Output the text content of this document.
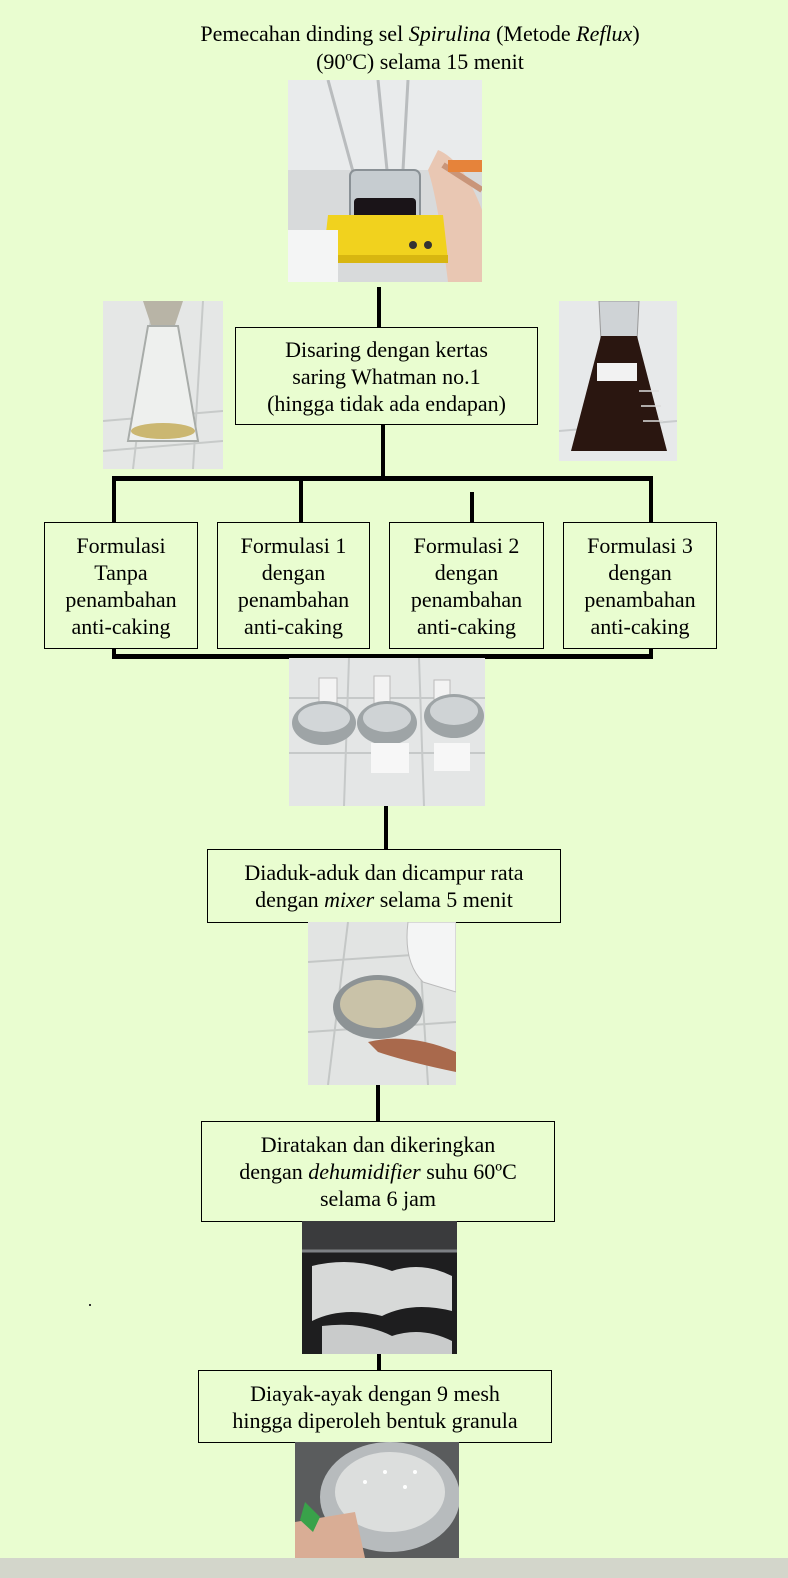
Pemecahan dinding sel Spirulina (Metode Reflux)
(90ºC) selama 15 menit
Disaring dengan kertas
saring Whatman no.1
(hingga tidak ada endapan)
Formulasi
Tanpa
penambahan
anti-caking
Formulasi 1
dengan
penambahan
anti-caking
Formulasi 2
dengan
penambahan
anti-caking
Formulasi 3
dengan
penambahan
anti-caking
Diaduk-aduk dan dicampur rata
dengan mixer selama 5 menit
Diratakan dan dikeringkan
dengan dehumidifier suhu 60ºC
selama 6 jam
Diayak-ayak dengan 9 mesh
hingga diperoleh bentuk granula
